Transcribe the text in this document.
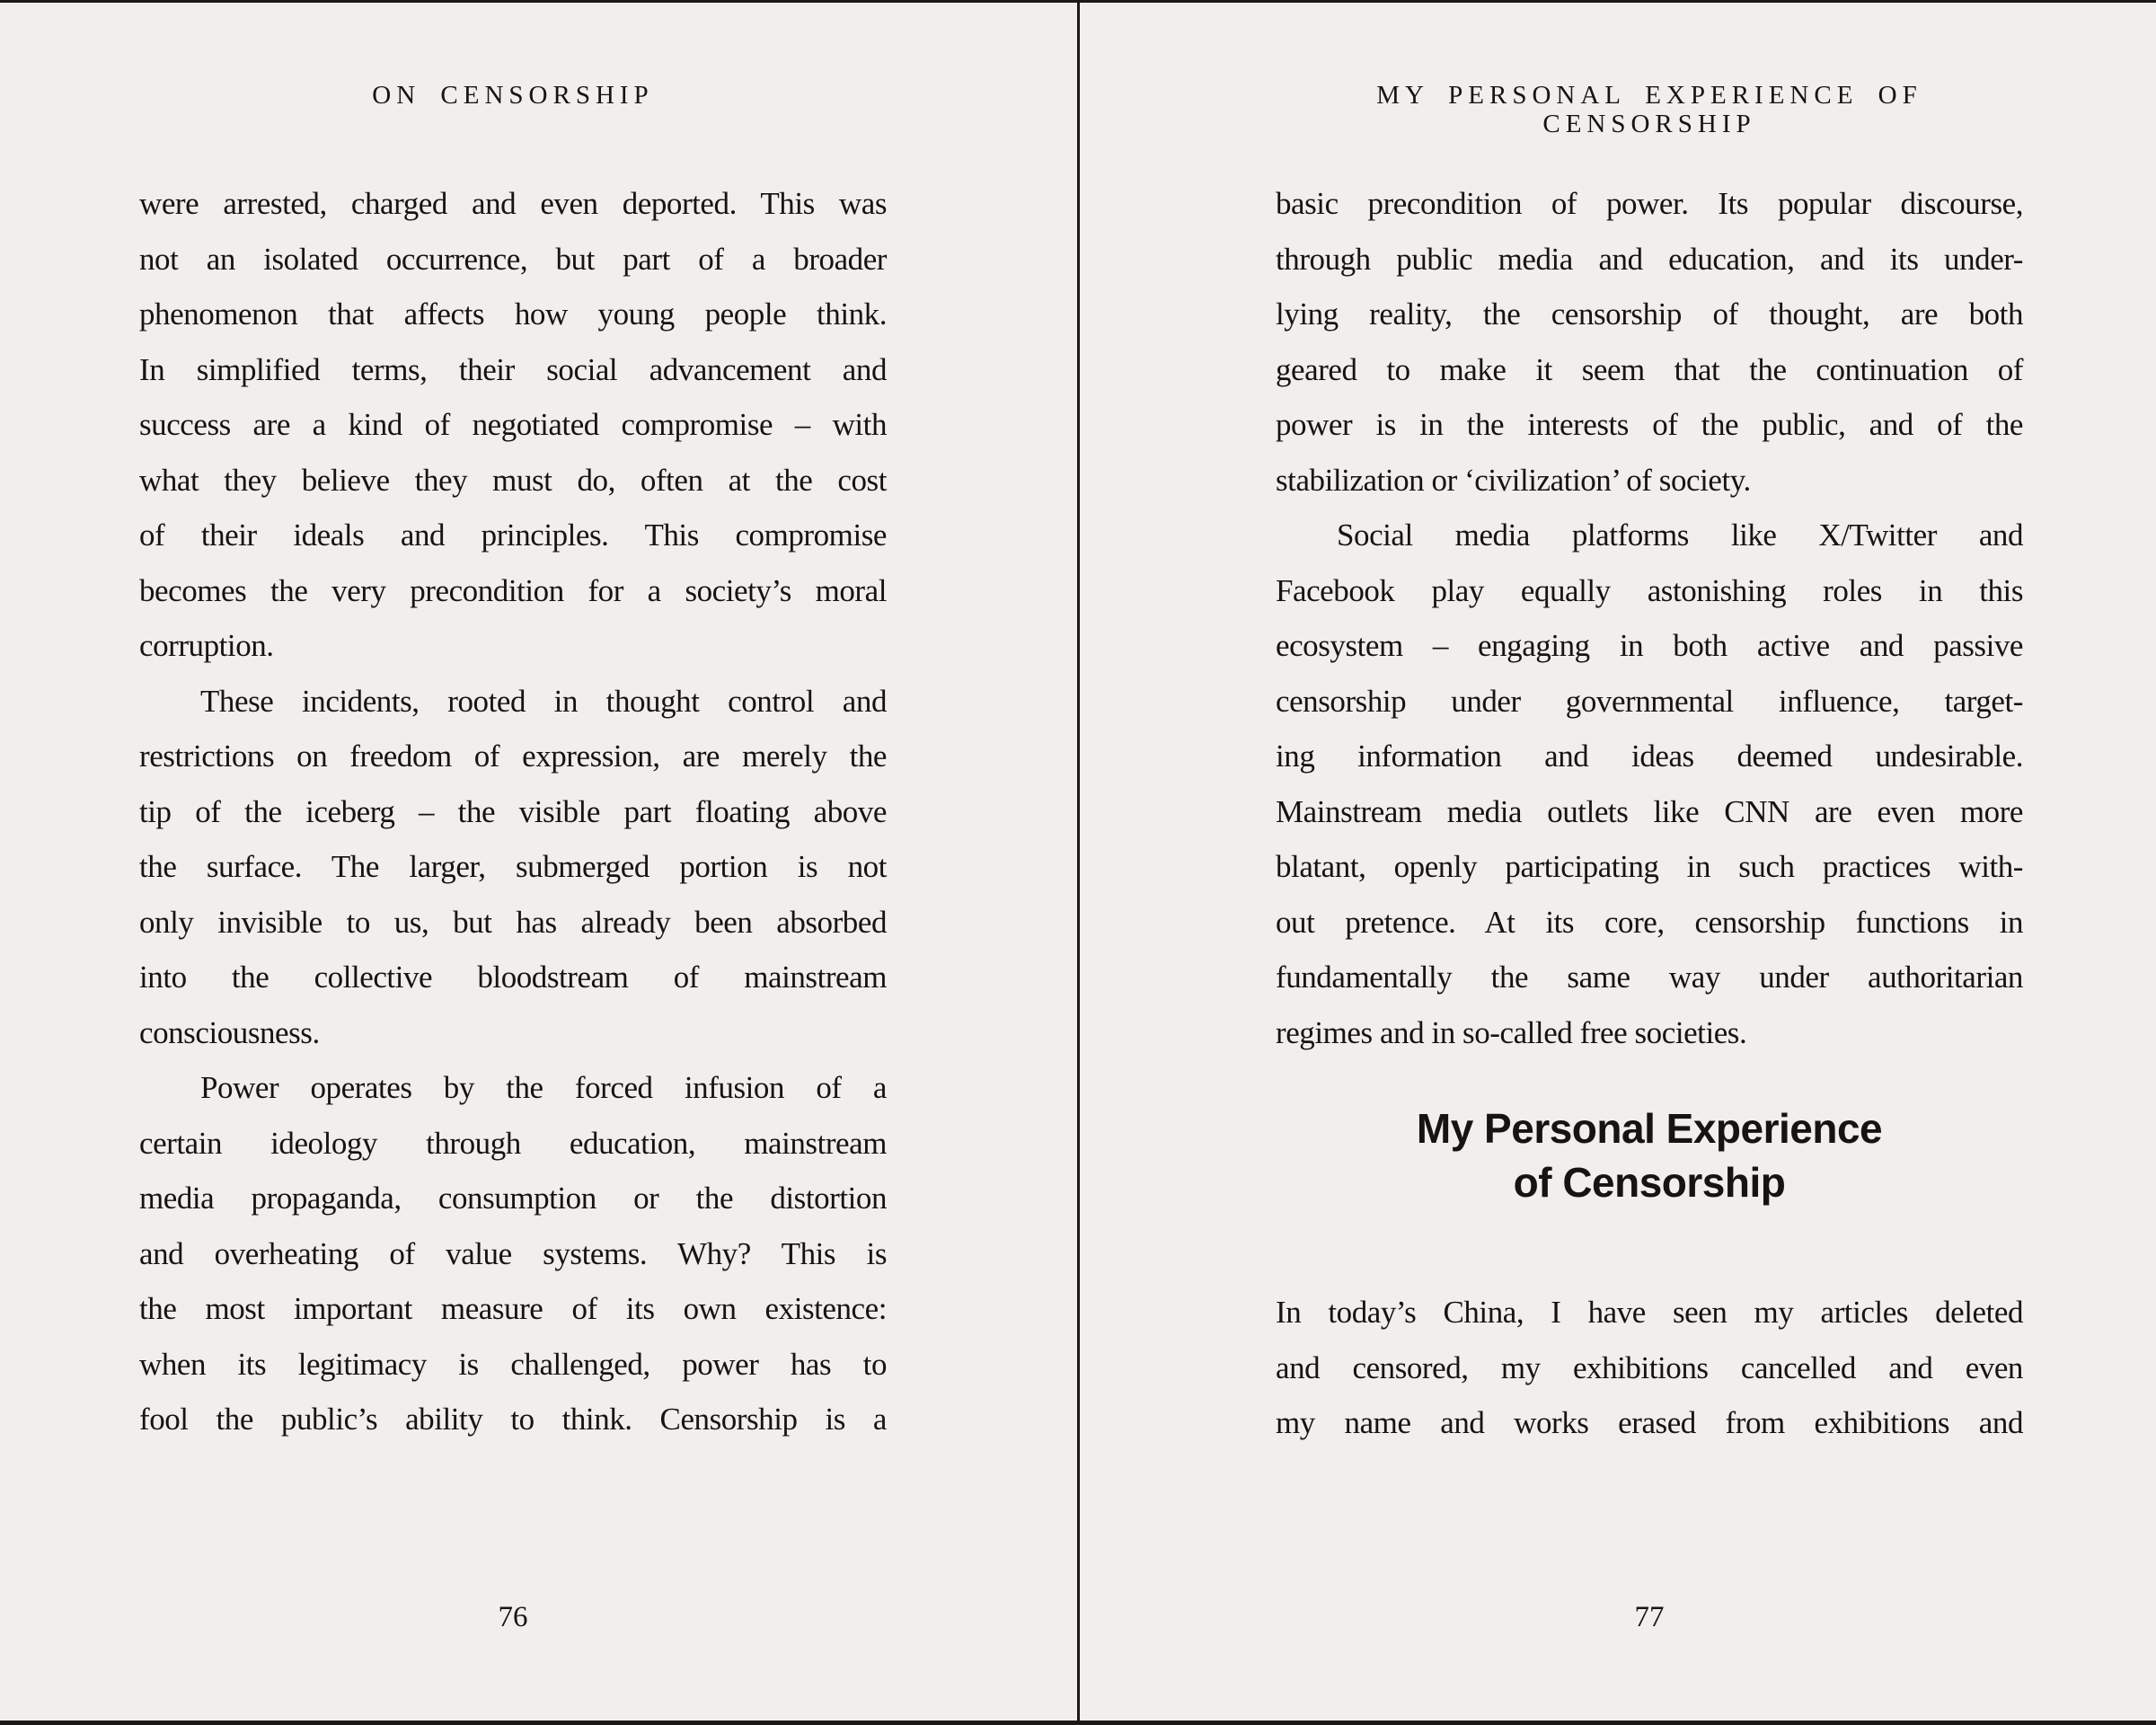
ON CENSORSHIP
were arrested, charged and even deported. This was
not an isolated occurrence, but part of a broader
phenomenon that affects how young people think.
In simplified terms, their social advancement and
success are a kind of negotiated compromise – with
what they believe they must do, often at the cost
of their ideals and principles. This compromise
becomes the very precondition for a society’s moral
corruption.
These incidents, rooted in thought control and
restrictions on freedom of expression, are merely the
tip of the iceberg – the visible part floating above
the surface. The larger, submerged portion is not
only invisible to us, but has already been absorbed
into the collective bloodstream of mainstream
consciousness.
Power operates by the forced infusion of a
certain ideology through education, mainstream
media propaganda, consumption or the distortion
and overheating of value systems. Why? This is
the most important measure of its own existence:
when its legitimacy is challenged, power has to
fool the public’s ability to think. Censorship is a
76
MY PERSONAL EXPERIENCE OF CENSORSHIP
basic precondition of power. Its popular discourse,
through public media and education, and its under-
lying reality, the censorship of thought, are both
geared to make it seem that the continuation of
power is in the interests of the public, and of the
stabilization or ‘civilization’ of society.
Social media platforms like X/Twitter and
Facebook play equally astonishing roles in this
ecosystem – engaging in both active and passive
censorship under governmental influence, target-
ing information and ideas deemed undesirable.
Mainstream media outlets like CNN are even more
blatant, openly participating in such practices with-
out pretence. At its core, censorship functions in
fundamentally the same way under authoritarian
regimes and in so-called free societies.
My Personal Experience
of Censorship
In today’s China, I have seen my articles deleted
and censored, my exhibitions cancelled and even
my name and works erased from exhibitions and
77
